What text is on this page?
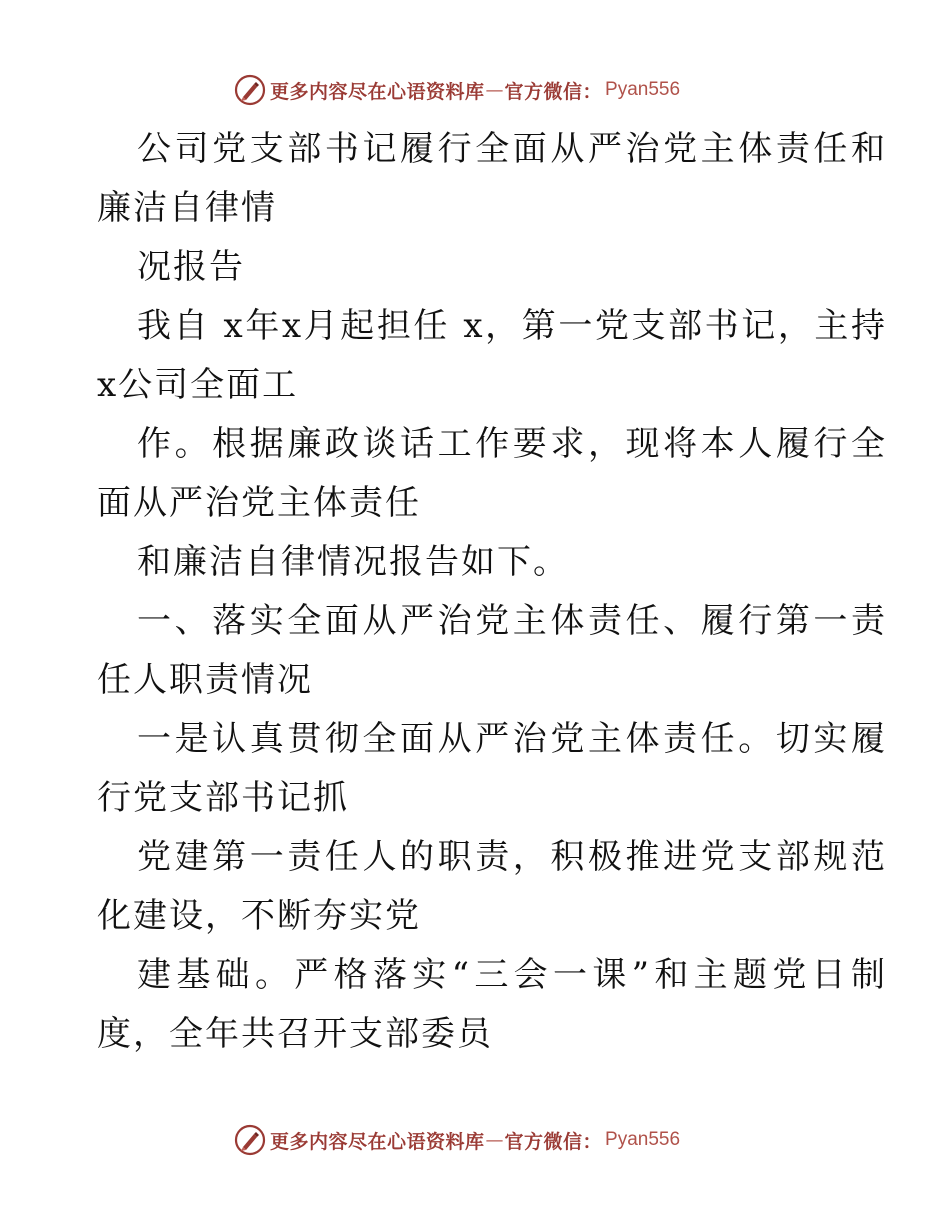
更多内容尽在心语资料库 — 官方微信： Pyan556

公司党支部书记履行全面从严治党主体责任和廉洁自律情

况报告

我自 x年x月起担任 x，第一党支部书记，主持 x公司全面工

作。根据廉政谈话工作要求，现将本人履行全面从严治党主体责任

和廉洁自律情况报告如下。

一、落实全面从严治党主体责任、履行第一责任人职责情况

一是认真贯彻全面从严治党主体责任。切实履行党支部书记抓

党建第一责任人的职责，积极推进党支部规范化建设，不断夯实党

建基础。严格落实“三会一课”和主题党日制度，全年共召开支部委员

更多内容尽在心语资料库 — 官方微信： Pyan556
